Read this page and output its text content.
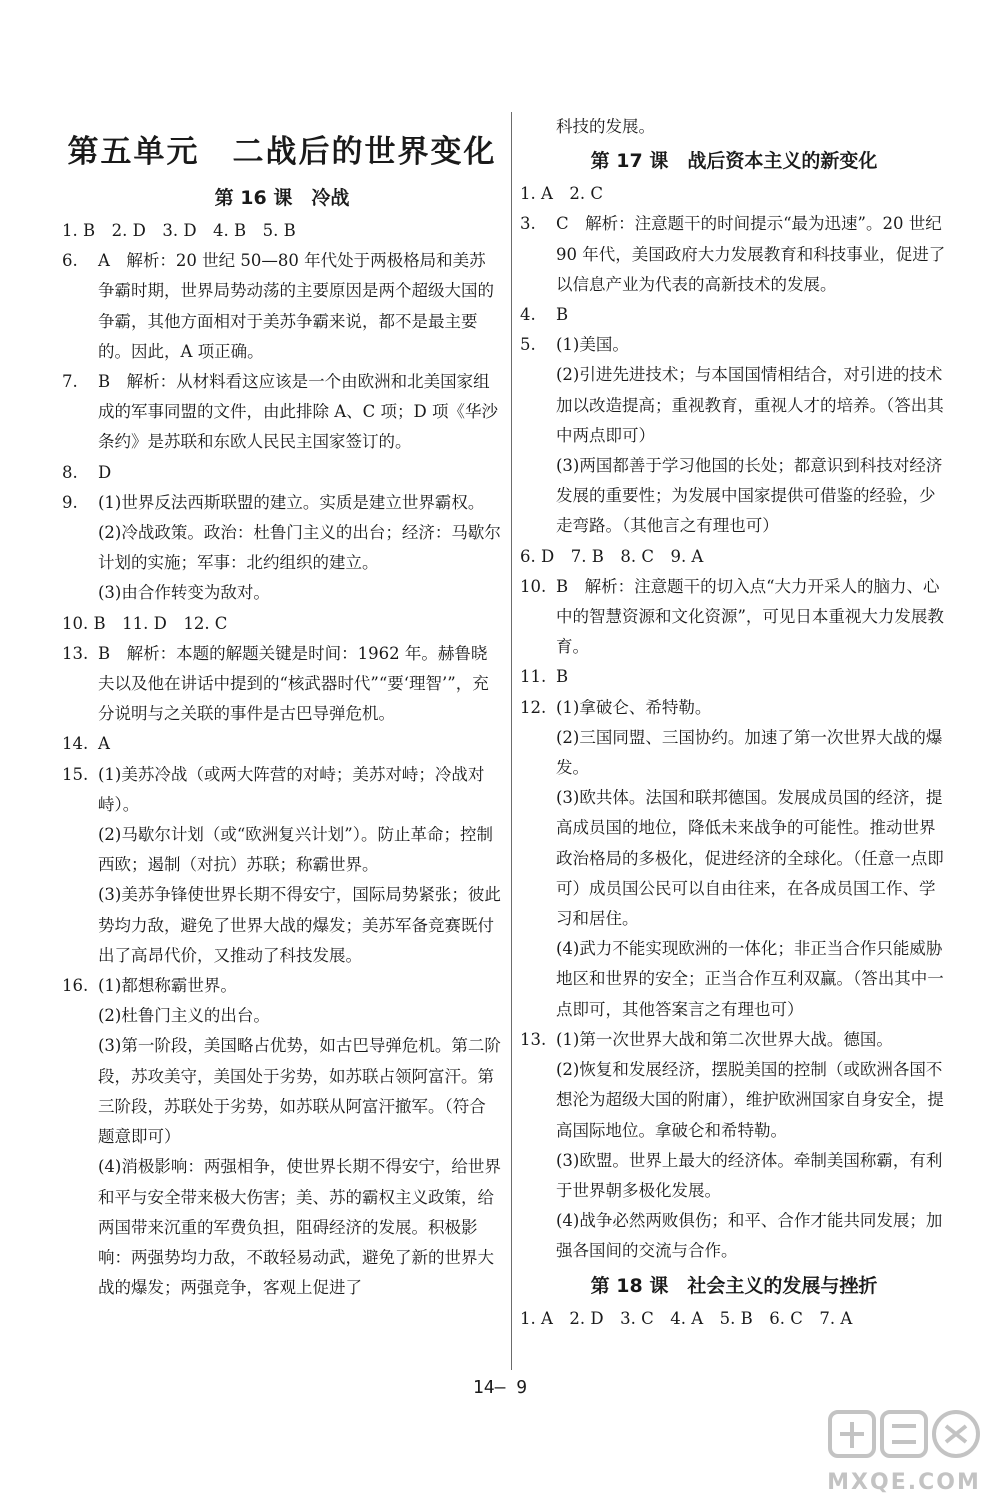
第五单元　二战后的世界变化
第 16 课　冷战
1. B　2. D　3. D　4. B　5. B
6.	A　解析：20 世纪 50—80 年代处于两极格局和美苏争霸时期，世界局势动荡的主要原因是两个超级大国的争霸，其他方面相对于美苏争霸来说，都不是最主要的。因此，A 项正确。
7.	B　解析：从材料看这应该是一个由欧洲和北美国家组成的军事同盟的文件，由此排除 A、C 项；D 项《华沙条约》是苏联和东欧人民民主国家签订的。
8.	D
9.	(1)世界反法西斯联盟的建立。实质是建立世界霸权。
(2)冷战政策。政治：杜鲁门主义的出台；经济：马歇尔计划的实施；军事：北约组织的建立。
(3)由合作转变为敌对。
10. B　11. D　12. C
13. B　解析：本题的解题关键是时间：1962 年。赫鲁晓夫以及他在讲话中提到的“核武器时代”“要‘理智’”，充分说明与之关联的事件是古巴导弹危机。
14. A
15. (1)美苏冷战（或两大阵营的对峙；美苏对峙；冷战对峙）。
(2)马歇尔计划（或“欧洲复兴计划”）。防止革命；控制西欧；遏制（对抗）苏联；称霸世界。
(3)美苏争锋使世界长期不得安宁，国际局势紧张；彼此势均力敌，避免了世界大战的爆发；美苏军备竞赛既付出了高昂代价，又推动了科技发展。
16. (1)都想称霸世界。
(2)杜鲁门主义的出台。
(3)第一阶段，美国略占优势，如古巴导弹危机。第二阶段，苏攻美守，美国处于劣势，如苏联占领阿富汗。第三阶段，苏联处于劣势，如苏联从阿富汗撤军。（符合题意即可）
(4)消极影响：两强相争，使世界长期不得安宁，给世界和平与安全带来极大伤害；美、苏的霸权主义政策，给两国带来沉重的军费负担，阻碍经济的发展。积极影响：两强势均力敌，不敢轻易动武，避免了新的世界大战的爆发；两强竞争，客观上促进了
科技的发展。
第 17 课　战后资本主义的新变化
1. A　2. C
3.	C　解析：注意题干的时间提示“最为迅速”。20 世纪 90 年代，美国政府大力发展教育和科技事业，促进了以信息产业为代表的高新技术的发展。
4.	B
5.	(1)美国。
(2)引进先进技术；与本国国情相结合，对引进的技术加以改造提高；重视教育，重视人才的培养。（答出其中两点即可）
(3)两国都善于学习他国的长处；都意识到科技对经济发展的重要性；为发展中国家提供可借鉴的经验，少走弯路。（其他言之有理也可）
6. D　7. B　8. C　9. A
10. B　解析：注意题干的切入点“大力开采人的脑力、心中的智慧资源和文化资源”，可见日本重视大力发展教育。
11. B
12. (1)拿破仑、希特勒。
(2)三国同盟、三国协约。加速了第一次世界大战的爆发。
(3)欧共体。法国和联邦德国。发展成员国的经济，提高成员国的地位，降低未来战争的可能性。推动世界政治格局的多极化，促进经济的全球化。（任意一点即可）成员国公民可以自由往来，在各成员国工作、学习和居住。
(4)武力不能实现欧洲的一体化；非正当合作只能威胁地区和世界的安全；正当合作互利双赢。（答出其中一点即可，其他答案言之有理也可）
13. (1)第一次世界大战和第二次世界大战。德国。
(2)恢复和发展经济，摆脱美国的控制（或欧洲各国不想沦为超级大国的附庸），维护欧洲国家自身安全，提高国际地位。拿破仑和希特勒。
(3)欧盟。世界上最大的经济体。牵制美国称霸，有利于世界朝多极化发展。
(4)战争必然两败俱伤；和平、合作才能共同发展；加强各国间的交流与合作。
第 18 课　社会主义的发展与挫折
1. A　2. D　3. C　4. A　5. B　6. C　7. A
14— 9
MXQE.COM
